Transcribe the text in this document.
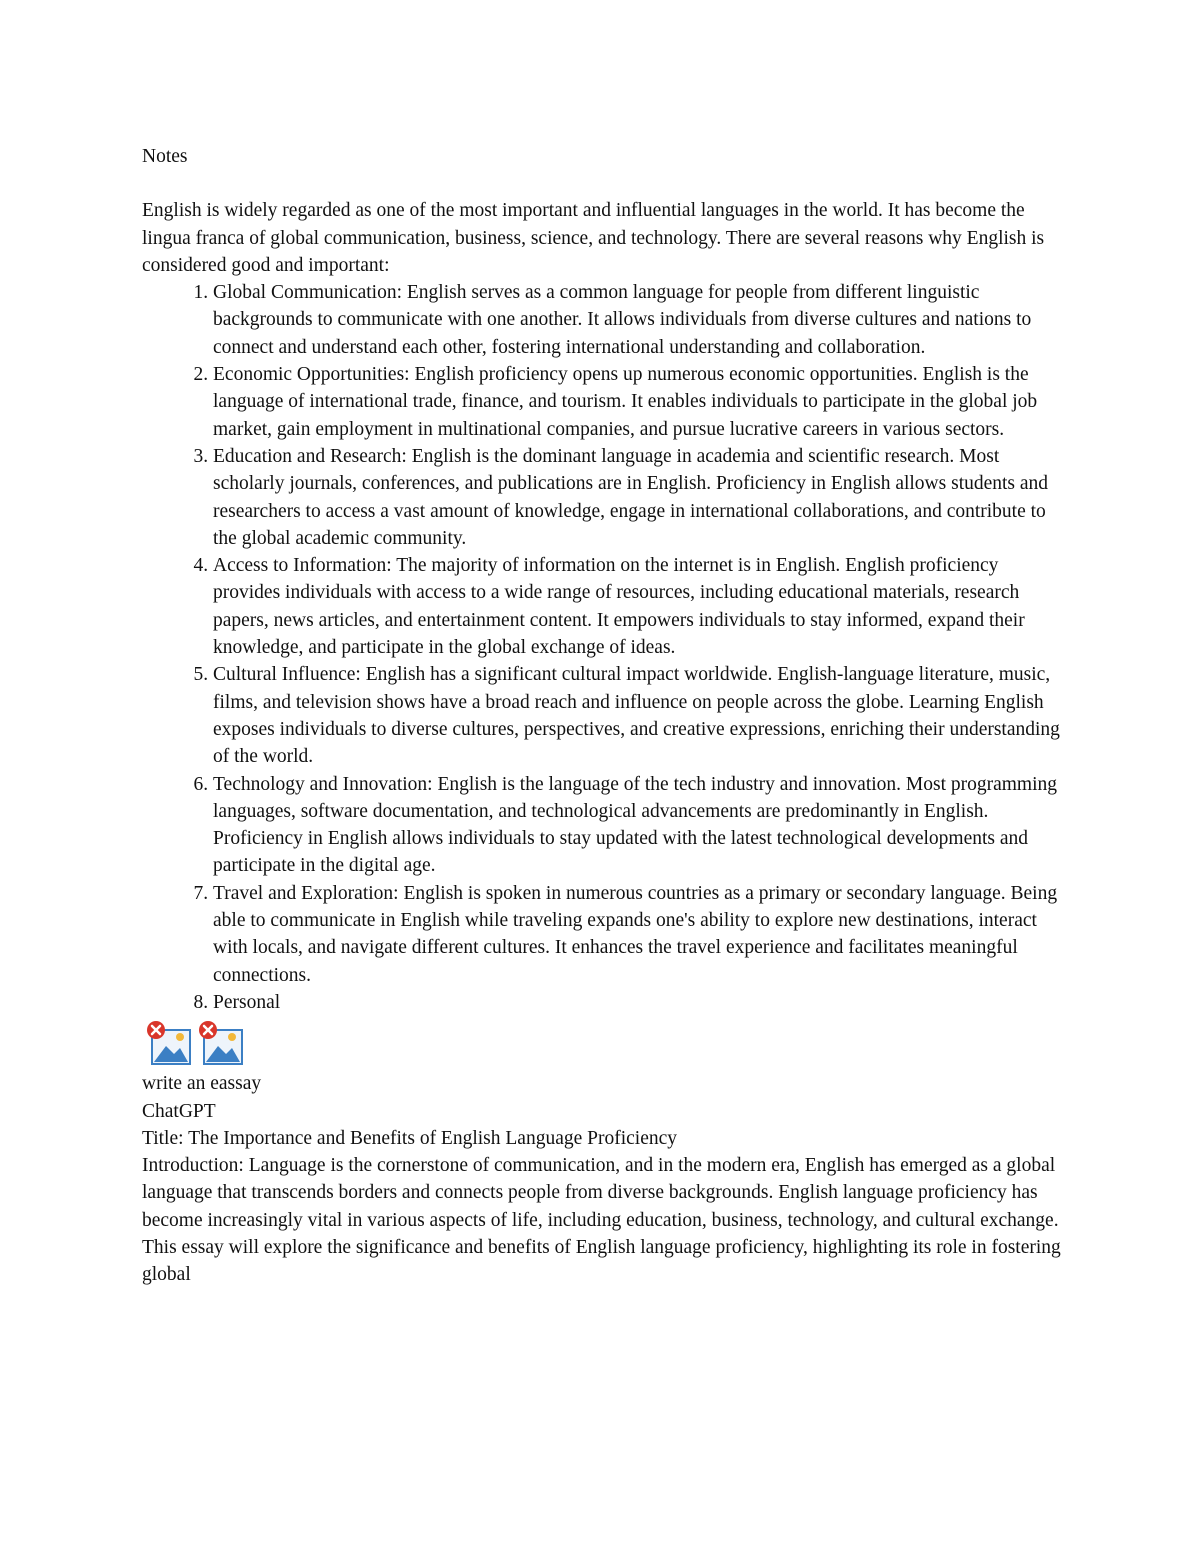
Notes

English is widely regarded as one of the most important and influential languages in the world. It has become the lingua franca of global communication, business, science, and technology. There are several reasons why English is considered good and important:

1. Global Communication: English serves as a common language for people from different linguistic backgrounds to communicate with one another. It allows individuals from diverse cultures and nations to connect and understand each other, fostering international understanding and collaboration.
2. Economic Opportunities: English proficiency opens up numerous economic opportunities. English is the language of international trade, finance, and tourism. It enables individuals to participate in the global job market, gain employment in multinational companies, and pursue lucrative careers in various sectors.
3. Education and Research: English is the dominant language in academia and scientific research. Most scholarly journals, conferences, and publications are in English. Proficiency in English allows students and researchers to access a vast amount of knowledge, engage in international collaborations, and contribute to the global academic community.
4. Access to Information: The majority of information on the internet is in English. English proficiency provides individuals with access to a wide range of resources, including educational materials, research papers, news articles, and entertainment content. It empowers individuals to stay informed, expand their knowledge, and participate in the global exchange of ideas.
5. Cultural Influence: English has a significant cultural impact worldwide. English-language literature, music, films, and television shows have a broad reach and influence on people across the globe. Learning English exposes individuals to diverse cultures, perspectives, and creative expressions, enriching their understanding of the world.
6. Technology and Innovation: English is the language of the tech industry and innovation. Most programming languages, software documentation, and technological advancements are predominantly in English. Proficiency in English allows individuals to stay updated with the latest technological developments and participate in the digital age.
7. Travel and Exploration: English is spoken in numerous countries as a primary or secondary language. Being able to communicate in English while traveling expands one's ability to explore new destinations, interact with locals, and navigate different cultures. It enhances the travel experience and facilitates meaningful connections.
8. Personal

write an eassay

ChatGPT

Title: The Importance and Benefits of English Language Proficiency

Introduction: Language is the cornerstone of communication, and in the modern era, English has emerged as a global language that transcends borders and connects people from diverse backgrounds. English language proficiency has become increasingly vital in various aspects of life, including education, business, technology, and cultural exchange. This essay will explore the significance and benefits of English language proficiency, highlighting its role in fostering global
